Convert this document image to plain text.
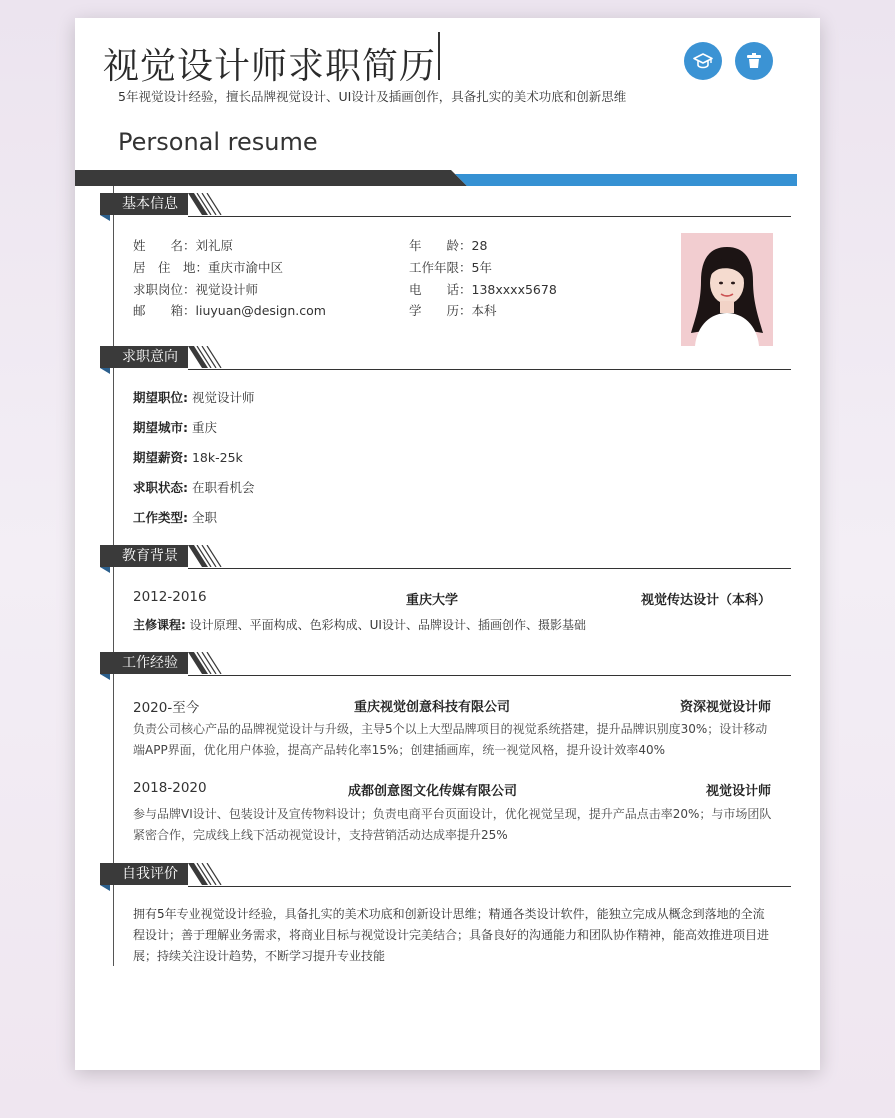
视觉设计师求职简历
5年视觉设计经验，擅长品牌视觉设计、UI设计及插画创作，具备扎实的美术功底和创新思维
Personal resume
基本信息
姓　　名：刘礼原
居　住　地：重庆市渝中区
求职岗位：视觉设计师
邮　　箱：liuyuan@design.com
年　　龄：28
工作年限：5年
电　　话：138xxxx5678
学　　历：本科
求职意向
期望职位: 视觉设计师
期望城市: 重庆
期望薪资: 18k-25k
求职状态: 在职看机会
工作类型: 全职
教育背景
2012-2016	重庆大学	视觉传达设计（本科）
主修课程: 设计原理、平面构成、色彩构成、UI设计、品牌设计、插画创作、摄影基础
工作经验
2020-至今	重庆视觉创意科技有限公司	资深视觉设计师
负责公司核心产品的品牌视觉设计与升级，主导5个以上大型品牌项目的视觉系统搭建，提升品牌识别度30%；设计移动端APP界面，优化用户体验，提高产品转化率15%；创建插画库，统一视觉风格，提升设计效率40%
2018-2020	成都创意图文化传媒有限公司	视觉设计师
参与品牌VI设计、包装设计及宣传物料设计；负责电商平台页面设计，优化视觉呈现，提升产品点击率20%；与市场团队紧密合作，完成线上线下活动视觉设计，支持营销活动达成率提升25%
自我评价
拥有5年专业视觉设计经验，具备扎实的美术功底和创新设计思维；精通各类设计软件，能独立完成从概念到落地的全流程设计；善于理解业务需求，将商业目标与视觉设计完美结合；具备良好的沟通能力和团队协作精神，能高效推进项目进展；持续关注设计趋势，不断学习提升专业技能
